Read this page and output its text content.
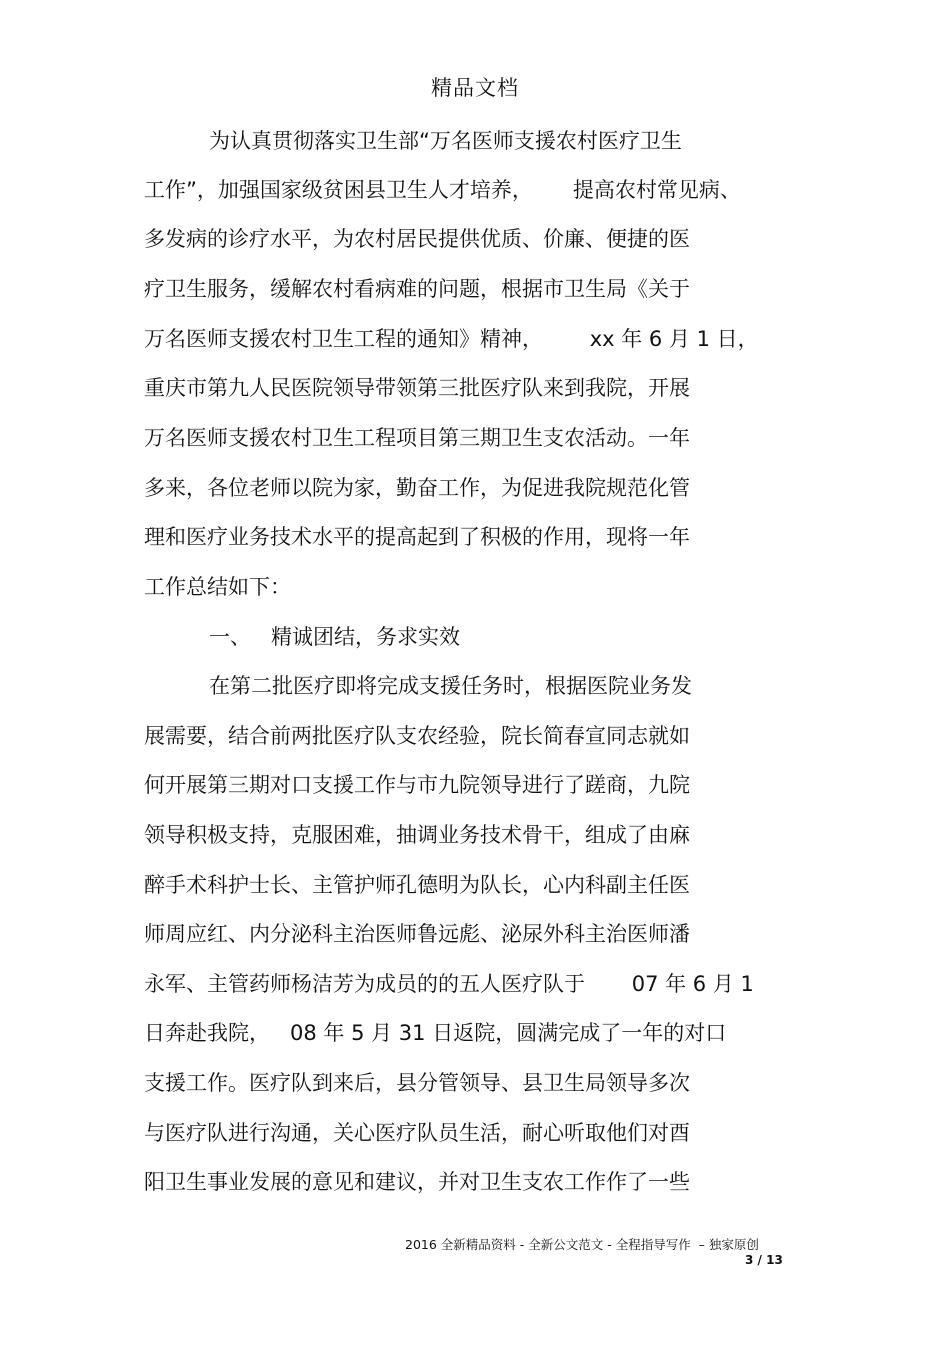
精品文档
为认真贯彻落实卫生部“万名医师支援农村医疗卫生
工作”，加强国家级贫困县卫生人才培养，      提高农村常见病、
多发病的诊疗水平，为农村居民提供优质、价廉、便捷的医
疗卫生服务，缓解农村看病难的问题，根据市卫生局《关于
万名医师支援农村卫生工程的通知》精神，       xx 年 6 月 1 日，
重庆市第九人民医院领导带领第三批医疗队来到我院，开展
万名医师支援农村卫生工程项目第三期卫生支农活动。一年
多来，各位老师以院为家，勤奋工作，为促进我院规范化管
理和医疗业务技术水平的提高起到了积极的作用，现将一年
工作总结如下：
一、   精诚团结，务求实效
在第二批医疗即将完成支援任务时，根据医院业务发
展需要，结合前两批医疗队支农经验，院长简春宣同志就如
何开展第三期对口支援工作与市九院领导进行了蹉商，九院
领导积极支持，克服困难，抽调业务技术骨干，组成了由麻
醉手术科护士长、主管护师孔德明为队长，心内科副主任医
师周应红、内分泌科主治医师鲁远彪、泌尿外科主治医师潘
永军、主管药师杨洁芳为成员的的五人医疗队于       07 年 6 月 1
日奔赴我院，   08 年 5 月 31 日返院，圆满完成了一年的对口
支援工作。医疗队到来后，县分管领导、县卫生局领导多次
与医疗队进行沟通，关心医疗队员生活，耐心听取他们对酉
阳卫生事业发展的意见和建议，并对卫生支农工作作了一些
2016 全新精品资料 - 全新公文范文 - 全程指导写作  – 独家原创
3 / 13
